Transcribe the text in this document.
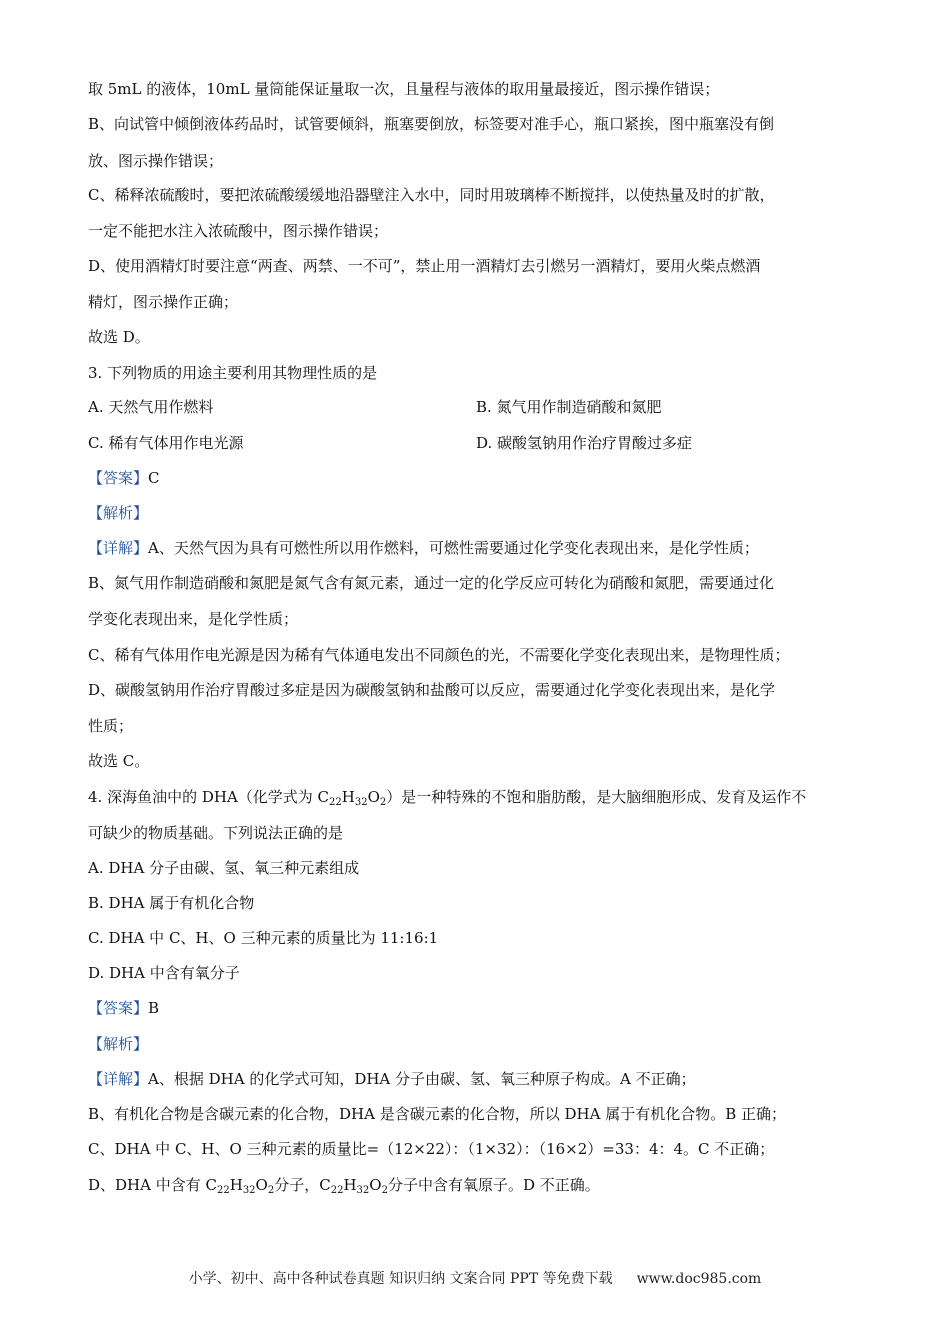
取 5mL 的液体，10mL 量筒能保证量取一次，且量程与液体的取用量最接近，图示操作错误；
B、向试管中倾倒液体药品时，试管要倾斜，瓶塞要倒放，标签要对准手心，瓶口紧挨，图中瓶塞没有倒
放、图示操作错误；
C、稀释浓硫酸时，要把浓硫酸缓缓地沿器壁注入水中，同时用玻璃棒不断搅拌，以使热量及时的扩散，
一定不能把水注入浓硫酸中，图示操作错误；
D、使用酒精灯时要注意“两查、两禁、一不可”，禁止用一酒精灯去引燃另一酒精灯，要用火柴点燃酒
精灯，图示操作正确；
故选 D。
3. 下列物质的用途主要利用其物理性质的是
A. 天然气用作燃料	B. 氮气用作制造硝酸和氮肥
C. 稀有气体用作电光源	D. 碳酸氢钠用作治疗胃酸过多症
【答案】C
【解析】
【详解】A、天然气因为具有可燃性所以用作燃料，可燃性需要通过化学变化表现出来，是化学性质；
B、氮气用作制造硝酸和氮肥是氮气含有氮元素，通过一定的化学反应可转化为硝酸和氮肥，需要通过化
学变化表现出来，是化学性质；
C、稀有气体用作电光源是因为稀有气体通电发出不同颜色的光，不需要化学变化表现出来，是物理性质；
D、碳酸氢钠用作治疗胃酸过多症是因为碳酸氢钠和盐酸可以反应，需要通过化学变化表现出来，是化学
性质；
故选 C。
4. 深海鱼油中的 DHA（化学式为 $C_{22}H_{32}O_2$）是一种特殊的不饱和脂肪酸，是大脑细胞形成、发育及运作不
可缺少的物质基础。下列说法正确的是
A. DHA 分子由碳、氢、氧三种元素组成
B. DHA 属于有机化合物
C. DHA 中 C、H、O 三种元素的质量比为 11:16:1
D. DHA 中含有氧分子
【答案】B
【解析】
【详解】A、根据 DHA 的化学式可知，DHA 分子由碳、氢、氧三种原子构成。A 不正确；
B、有机化合物是含碳元素的化合物，DHA 是含碳元素的化合物，所以 DHA 属于有机化合物。B 正确；
C、DHA 中 C、H、O 三种元素的质量比=（12×22）：（1×32）：（16×2）=33：4：4。C 不正确；
D、DHA 中含有 $C_{22}H_{32}O_2$分子，$C_{22}H_{32}O_2$分子中含有氧原子。D 不正确。
小学、初中、高中各种试卷真题 知识归纳 文案合同 PPT 等免费下载 www.doc985.com
